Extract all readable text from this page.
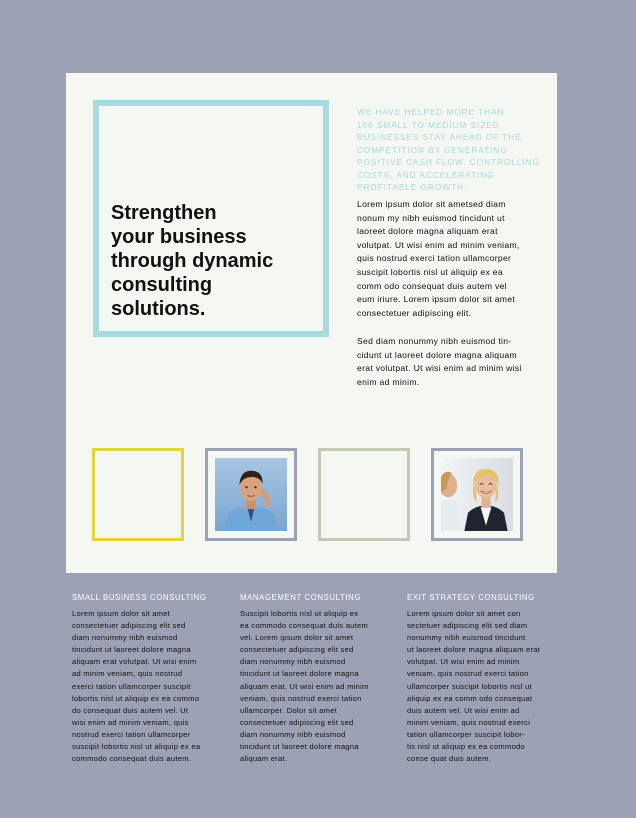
Strengthen
your business
through dynamic
consulting
solutions.

WE HAVE HELPED MORE THAN
100 SMALL TO MEDIUM SIZED
BUSINESSES STAY AHEAD OF THE
COMPETITION BY GENERATING
POSITIVE CASH FLOW, CONTROLLING
COSTS, AND ACCELERATING
PROFITABLE GROWTH.

Lorem ipsum dolor sit ametsed diam
nonum my nibh euismod tincidunt ut
laoreet dolore magna aliquam erat
volutpat. Ut wisi enim ad minim veniam,
quis nostrud exerci tation ullamcorper
suscipit lobortis nisl ut aliquip ex ea
comm odo consequat duis autem vel
eum iriure. Lorem ipsum dolor sit amet
consectetuer adipiscing elit.

Sed diam nonummy nibh euismod tin-
cidunt ut laoreet dolore magna aliquam
erat volutpat. Ut wisi enim ad minim wisi
enim ad minim.

SMALL BUSINESS CONSULTING

Lorem ipsum dolor sit amet
consectetuer adipiscing elit sed
diam nonummy nibh euismod
tincidunt ut laoreet dolore magna
aliquam erat volutpat. Ut wisi enim
ad minim veniam, quis nostrud
exerci tation ullamcorper suscipit
lobortis nisl ut aliquip ex ea commo
do consequat duis autem vel. Ut
wisi enim ad minim veniam, quis
nostrud exerci tation ullamcorper
suscipit lobortis nisl ut aliquip ex ea
commodo consequat duis autem.

MANAGEMENT CONSULTING

Suscipit lobortis nisl ut aliquip ex
ea commodo consequat duis autem
vel. Lorem ipsum dolor sit amet
consectetuer adipiscing elit sed
diam nonummy nibh euismod
tincidunt ut laoreet dolore magna
aliquam erat. Ut wisi enim ad minim
veniam, quis nostrud exerci tation
ullamcorper. Dolor sit amet
consectetuer adipiscing elit sed
diam nonummy nibh euismod
tincidunt ut laoreet dolore magna
aliquam erat.

EXIT STRATEGY CONSULTING

Lorem ipsum dolor sit amet con
sectetuer adipiscing elit sed diam
nonummy nibh euismod tincidunt
ut laoreet dolore magna aliquam erat
volutpat. Ut wisi enim ad minim
veniam, quis nostrud exerci tation
ullamcorper suscipit lobortis nisl ut
aliquip ex ea comm odo consequat
duis autem vel. Ut wisi enim ad
minim veniam, quis nostrud exerci
tation ullamcorper suscipit lobor-
tis nisl ut aliquip ex ea commodo
conse quat duis autem.
